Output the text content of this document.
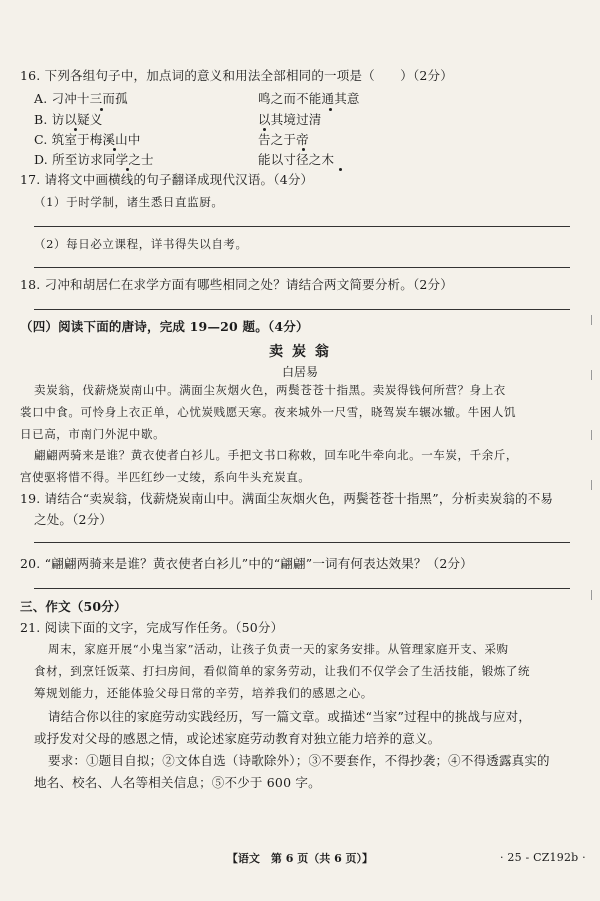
16. 下列各组句子中，加点词的意义和用法全部相同的一项是（　　）（2分）
A. 刁冲十三而孤	鸣之而不能通其意
B. 访以疑义	以其境过清
C. 筑室于梅溪山中	告之于帝
D. 所至访求同学之士	能以寸径之木
17. 请将文中画横线的句子翻译成现代汉语。（4分）
（1）于时学制，诸生悉日直监厨。
（2）每日必立课程，详书得失以自考。
18. 刁冲和胡居仁在求学方面有哪些相同之处？请结合两文简要分析。（2分）
（四）阅读下面的唐诗，完成 19—20 题。（4分）
卖 炭 翁
白居易
卖炭翁，伐薪烧炭南山中。满面尘灰烟火色，两鬓苍苍十指黑。卖炭得钱何所营？身上衣
裳口中食。可怜身上衣正单，心忧炭贱愿天寒。夜来城外一尺雪，晓驾炭车辗冰辙。牛困人饥
日已高，市南门外泥中歇。
翩翩两骑来是谁？黄衣使者白衫儿。手把文书口称敕，回车叱牛牵向北。一车炭，千余斤，
宫使驱将惜不得。半匹红纱一丈绫，系向牛头充炭直。
19. 请结合“卖炭翁，伐薪烧炭南山中。满面尘灰烟火色，两鬓苍苍十指黑”，分析卖炭翁的不易
之处。（2分）
20. “翩翩两骑来是谁？黄衣使者白衫儿”中的“翩翩”一词有何表达效果？（2分）
三、作文（50分）
21. 阅读下面的文字，完成写作任务。（50分）
周末，家庭开展“小鬼当家”活动，让孩子负责一天的家务安排。从管理家庭开支、采购
食材，到烹饪饭菜、打扫房间，看似简单的家务劳动，让我们不仅学会了生活技能，锻炼了统
筹规划能力，还能体验父母日常的辛劳，培养我们的感恩之心。
请结合你以往的家庭劳动实践经历，写一篇文章。或描述“当家”过程中的挑战与应对，
或抒发对父母的感恩之情，或论述家庭劳动教育对独立能力培养的意义。
要求：①题目自拟；②文体自选（诗歌除外）；③不要套作，不得抄袭；④不得透露真实的
地名、校名、人名等相关信息；⑤不少于 600 字。
【语文　第 6 页（共 6 页）】	· 25 - CZ192b ·
